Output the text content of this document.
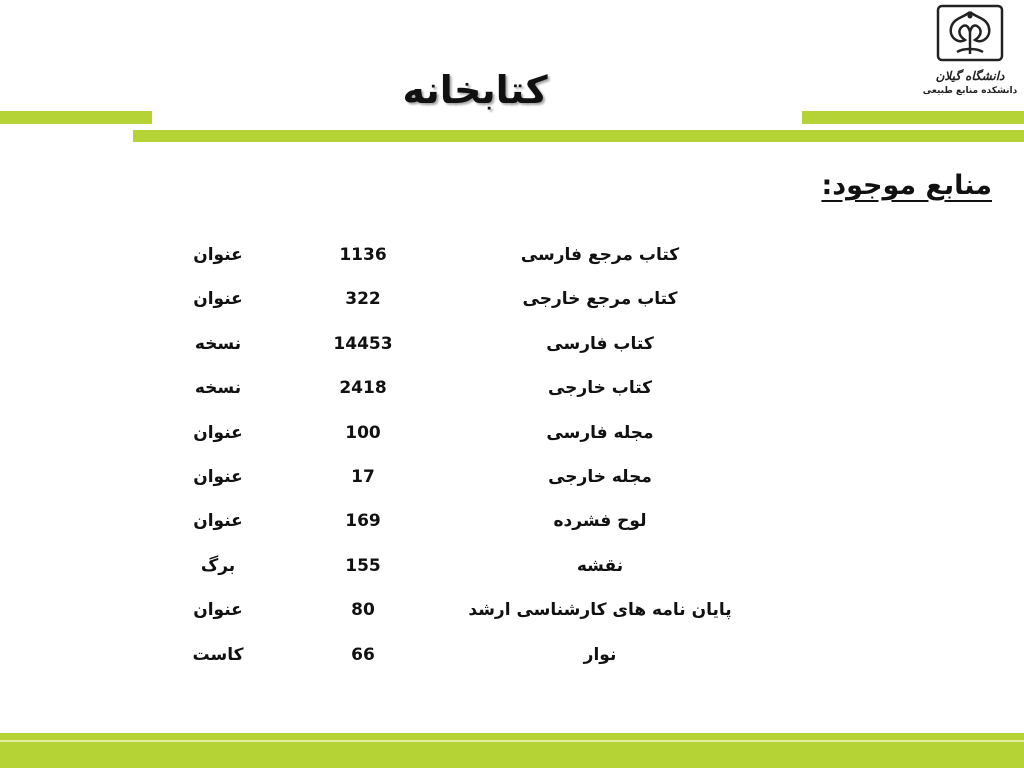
کتابخانه	دانشگاه گیلان
دانشکده منابع طبیعی
منابع موجود:
کتاب مرجع فارسی
1136
عنوان
کتاب مرجع خارجی
322
عنوان
کتاب فارسی
14453
نسخه
کتاب خارجی
2418
نسخه
مجله فارسی
100
عنوان
مجله خارجی
17
عنوان
لوح فشرده
169
عنوان
نقشه
155
برگ
پایان نامه های کارشناسی ارشد
80
عنوان
نوار
66
کاست
